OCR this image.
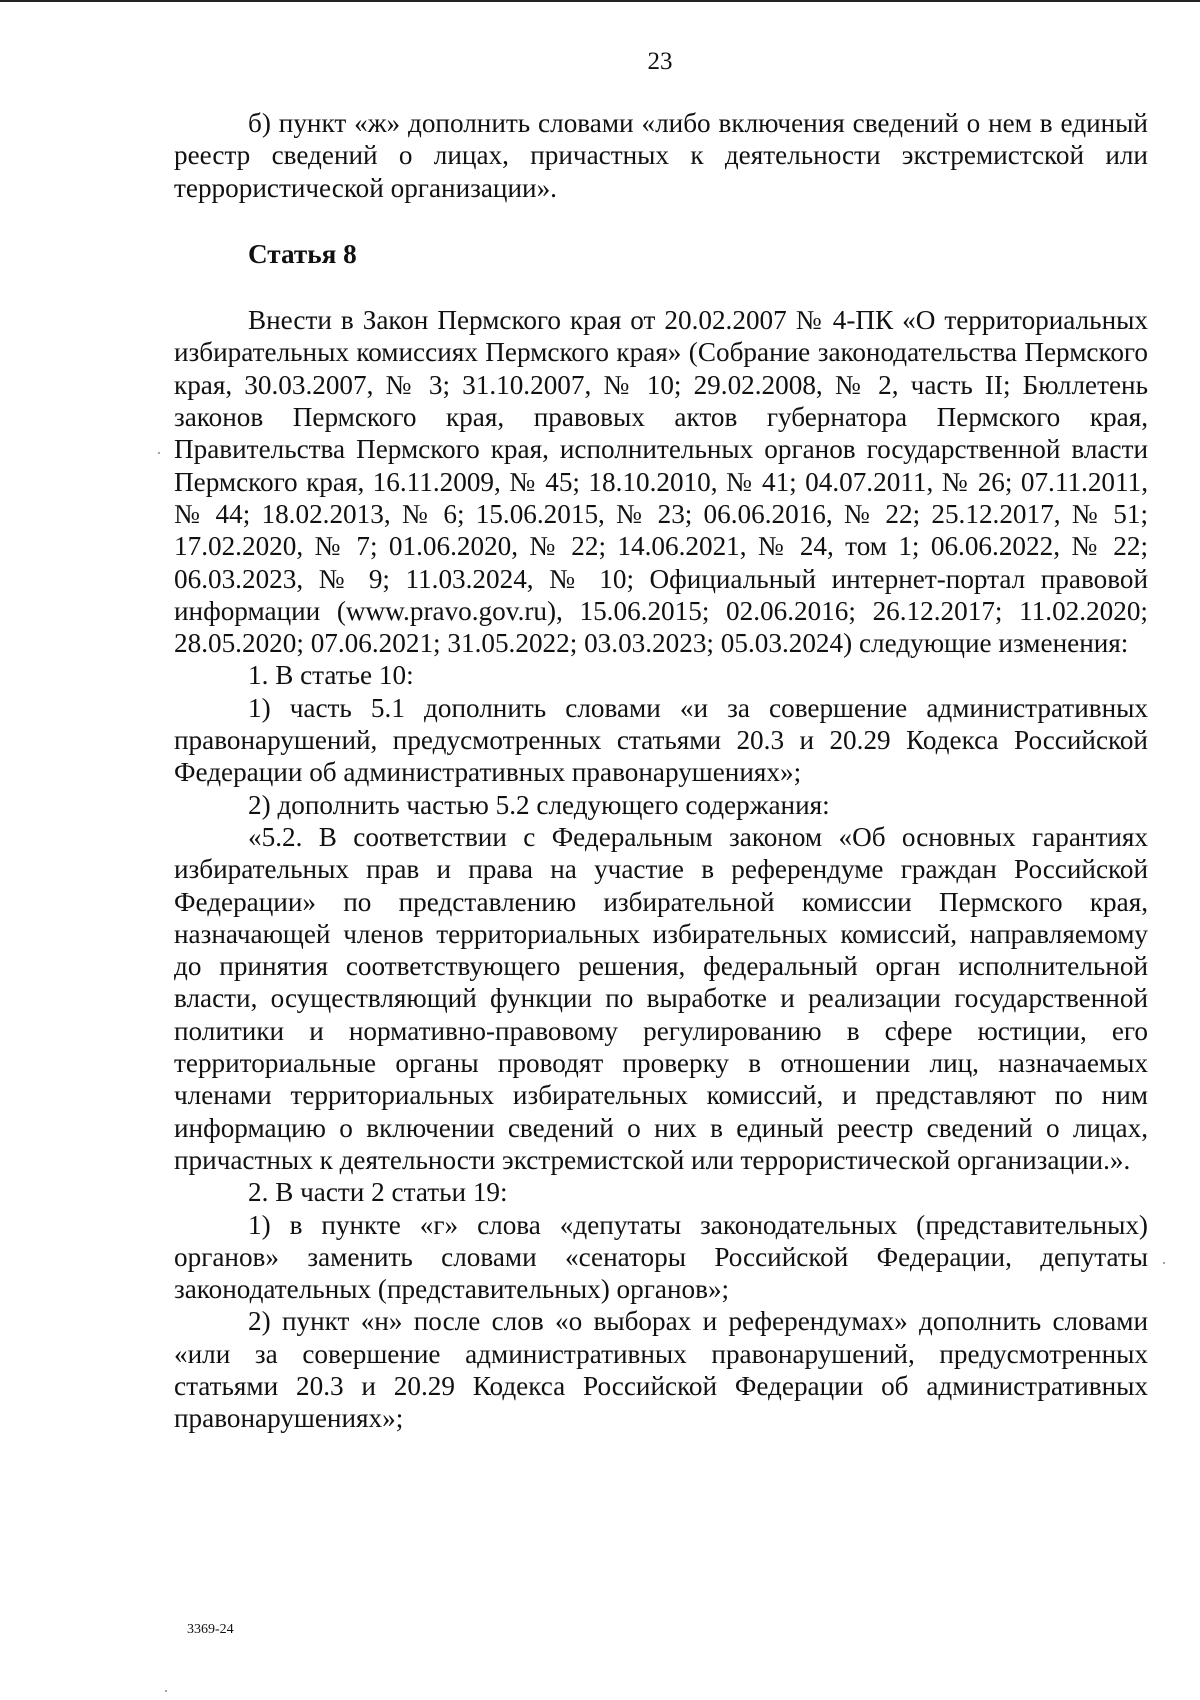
23

б) пункт «ж» дополнить словами «либо включения сведений о нем в единый реестр сведений о лицах, причастных к деятельности экстремистской или террористической организации».

Статья 8

Внести в Закон Пермского края от 20.02.2007 № 4-ПК «О территориальных избирательных комиссиях Пермского края» (Собрание законодательства Пермского края, 30.03.2007, № 3; 31.10.2007, № 10; 29.02.2008, № 2, часть II; Бюллетень законов Пермского края, правовых актов губернатора Пермского края, Правительства Пермского края, исполнительных органов государственной власти Пермского края, 16.11.2009, № 45; 18.10.2010, № 41; 04.07.2011, № 26; 07.11.2011, № 44; 18.02.2013, № 6; 15.06.2015, № 23; 06.06.2016, № 22; 25.12.2017, № 51; 17.02.2020, № 7; 01.06.2020, № 22; 14.06.2021, № 24, том 1; 06.06.2022, № 22; 06.03.2023, № 9; 11.03.2024, № 10; Официальный интернет-портал правовой информации (www.pravo.gov.ru), 15.06.2015; 02.06.2016; 26.12.2017; 11.02.2020; 28.05.2020; 07.06.2021; 31.05.2022; 03.03.2023; 05.03.2024) следующие изменения:

1. В статье 10:

1) часть 5.1 дополнить словами «и за совершение административных правонарушений, предусмотренных статьями 20.3 и 20.29 Кодекса Российской Федерации об административных правонарушениях»;

2) дополнить частью 5.2 следующего содержания:

«5.2. В соответствии с Федеральным законом «Об основных гарантиях избирательных прав и права на участие в референдуме граждан Российской Федерации» по представлению избирательной комиссии Пермского края, назначающей членов территориальных избирательных комиссий, направляемому до принятия соответствующего решения, федеральный орган исполнительной власти, осуществляющий функции по выработке и реализации государственной политики и нормативно-правовому регулированию в сфере юстиции, его территориальные органы проводят проверку в отношении лиц, назначаемых членами территориальных избирательных комиссий, и представляют по ним информацию о включении сведений о них в единый реестр сведений о лицах, причастных к деятельности экстремистской или террористической организации.».

2. В части 2 статьи 19:

1) в пункте «г» слова «депутаты законодательных (представительных) органов» заменить словами «сенаторы Российской Федерации, депутаты законодательных (представительных) органов»;

2) пункт «н» после слов «о выборах и референдумах» дополнить словами «или за совершение административных правонарушений, предусмотренных статьями 20.3 и 20.29 Кодекса Российской Федерации об административных правонарушениях»;

3369-24
